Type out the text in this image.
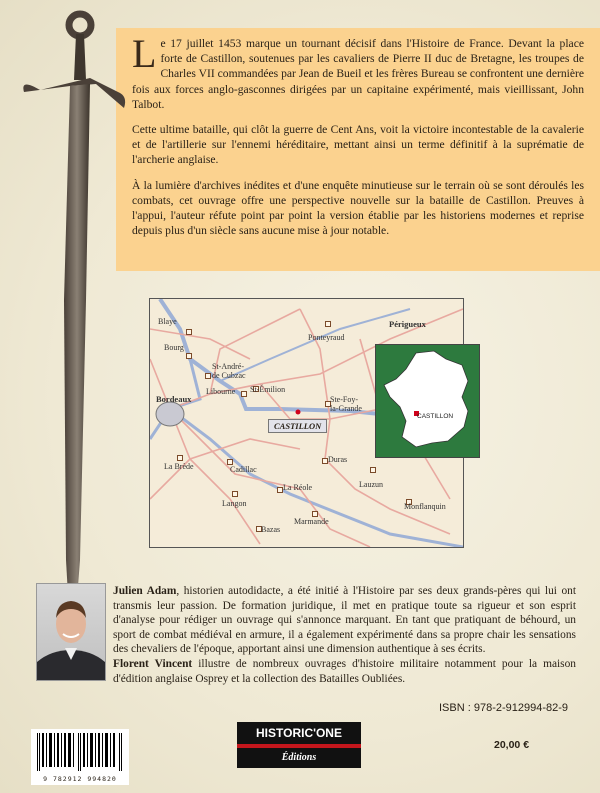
Le 17 juillet 1453 marque un tournant décisif dans l'Histoire de France. Devant la place forte de Castillon, soutenues par les cavaliers de Pierre II duc de Bretagne, les troupes de Charles VII commandées par Jean de Bueil et les frères Bureau se confrontent une dernière fois aux forces anglo-gasconnes dirigées par un capitaine expérimenté, mais vieillissant, John Talbot.

Cette ultime bataille, qui clôt la guerre de Cent Ans, voit la victoire incontestable de la cavalerie et de l'artillerie sur l'ennemi héréditaire, mettant ainsi un terme définitif à la suprématie de l'archerie anglaise.

À la lumière d'archives inédites et d'une enquête minutieuse sur le terrain où se sont déroulés les combats, cet ouvrage offre une perspective nouvelle sur la bataille de Castillon. Preuves à l'appui, l'auteur réfute point par point la version établie par les historiens modernes et reprise depuis plus d'un siècle sans aucune mise à jour notable.

Blaye
Bourg
St-André-
de Cubzac
Libourne St-Émilion
Bordeaux
Périgueux
Ponteyraud
Ste-Foy-
la-Grande
CASTILLON
La Brède	Cadillac
La Réole
Duras
Lauzun
Langon	Monflanquin
Marmande
Bazas
CASTILLON

Julien Adam, historien autodidacte, a été initié à l'Histoire par ses deux grands-pères qui lui ont transmis leur passion. De formation juridique, il met en pratique toute sa rigueur et son esprit d'analyse pour rédiger un ouvrage qui s'annonce marquant. En tant que pratiquant de béhourd, un sport de combat médiéval en armure, il a également expérimenté dans sa propre chair les sensations des chevaliers de l'époque, apportant ainsi une dimension authentique à ses écrits.

Florent Vincent illustre de nombreux ouvrages d'histoire militaire notamment pour la maison d'édition anglaise Osprey et la collection des Batailles Oubliées.

9 782912 994820
HISTORIC'ONE
Éditions
ISBN : 978-2-912994-82-9
20,00 €
